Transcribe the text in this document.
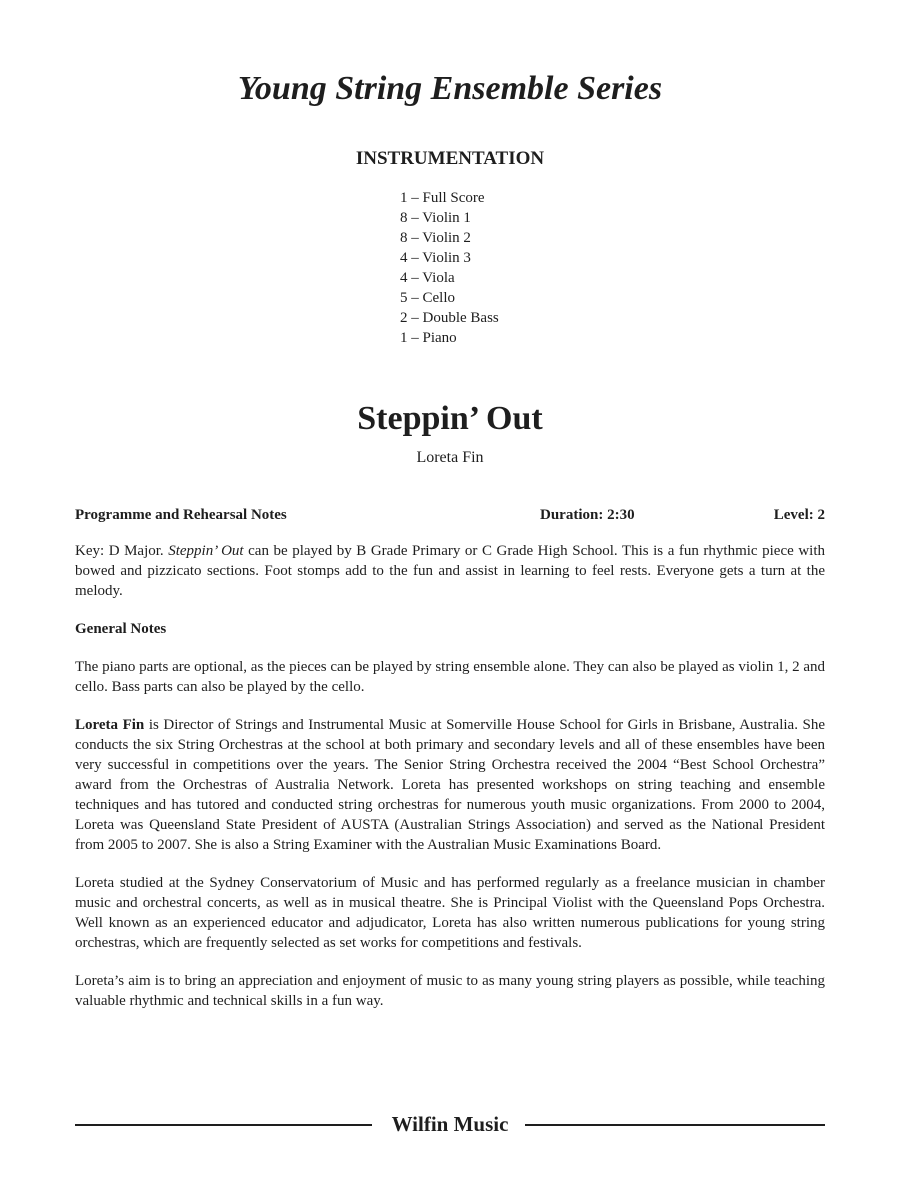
Young String Ensemble Series
INSTRUMENTATION
1 – Full Score
8 – Violin 1
8 – Violin 2
4 – Violin 3
4 – Viola
5 – Cello
2 – Double Bass
1 – Piano
Steppin’ Out
Loreta Fin
Programme and Rehearsal Notes	Duration: 2:30	Level: 2

Key: D Major. Steppin’ Out can be played by B Grade Primary or C Grade High School. This is a fun rhythmic piece with bowed and pizzicato sections. Foot stomps add to the fun and assist in learning to feel rests. Everyone gets a turn at the melody.

General Notes

The piano parts are optional, as the pieces can be played by string ensemble alone. They can also be played as violin 1, 2 and cello. Bass parts can also be played by the cello.

Loreta Fin is Director of Strings and Instrumental Music at Somerville House School for Girls in Brisbane, Australia. She conducts the six String Orchestras at the school at both primary and secondary levels and all of these ensembles have been very successful in competitions over the years. The Senior String Orchestra received the 2004 “Best School Orchestra” award from the Orchestras of Australia Network. Loreta has presented workshops on string teaching and ensemble techniques and has tutored and conducted string orchestras for numerous youth music organizations. From 2000 to 2004, Loreta was Queensland State President of AUSTA (Australian Strings Association) and served as the National President from 2005 to 2007. She is also a String Examiner with the Australian Music Examinations Board.

Loreta studied at the Sydney Conservatorium of Music and has performed regularly as a freelance musician in chamber music and orchestral concerts, as well as in musical theatre. She is Principal Violist with the Queensland Pops Orchestra. Well known as an experienced educator and adjudicator, Loreta has also written numerous publications for young string orchestras, which are frequently selected as set works for competitions and festivals.

Loreta’s aim is to bring an appreciation and enjoyment of music to as many young string players as possible, while teaching valuable rhythmic and technical skills in a fun way.

Wilfin Music
